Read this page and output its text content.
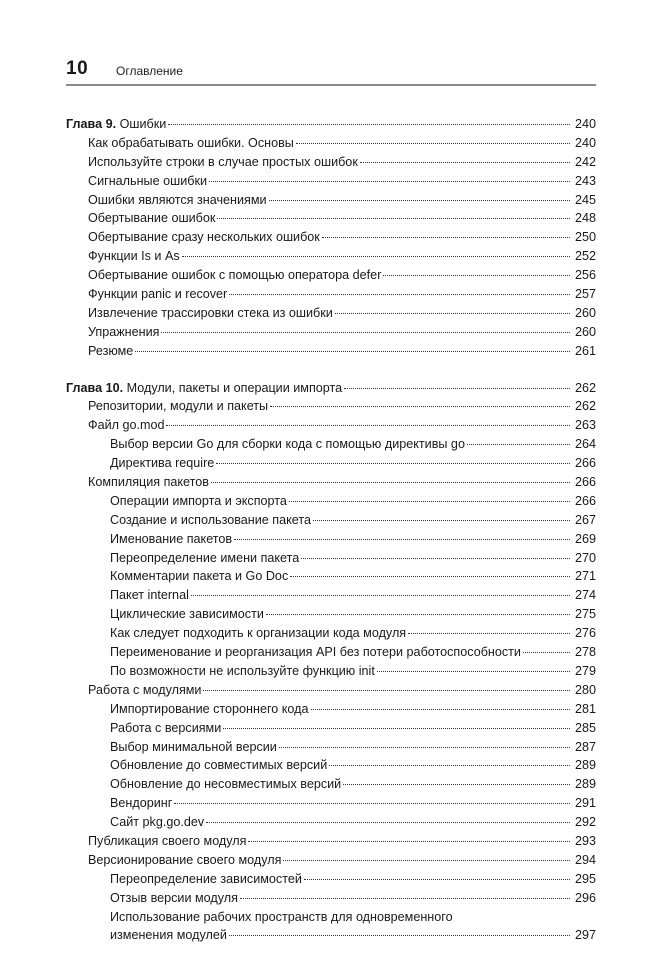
10 Оглавление
Глава 9. Ошибки	240
Как обрабатывать ошибки. Основы	240
Используйте строки в случае простых ошибок	242
Сигнальные ошибки	243
Ошибки являются значениями	245
Обертывание ошибок	248
Обертывание сразу нескольких ошибок	250
Функции Is и As	252
Обертывание ошибок с помощью оператора defer	256
Функции panic и recover	257
Извлечение трассировки стека из ошибки	260
Упражнения	260
Резюме	261
Глава 10. Модули, пакеты и операции импорта	262
Репозитории, модули и пакеты	262
Файл go.mod	263
Выбор версии Go для сборки кода с помощью директивы go	264
Директива require	266
Компиляция пакетов	266
Операции импорта и экспорта	266
Создание и использование пакета	267
Именование пакетов	269
Переопределение имени пакета	270
Комментарии пакета и Go Doc	271
Пакет internal	274
Циклические зависимости	275
Как следует подходить к организации кода модуля	276
Переименование и реорганизация API без потери работоспособности	278
По возможности не используйте функцию init	279
Работа с модулями	280
Импортирование стороннего кода	281
Работа с версиями	285
Выбор минимальной версии	287
Обновление до совместимых версий	289
Обновление до несовместимых версий	289
Вендоринг	291
Сайт pkg.go.dev	292
Публикация своего модуля	293
Версионирование своего модуля	294
Переопределение зависимостей	295
Отзыв версии модуля	296
Использование рабочих пространств для одновременного
изменения модулей	297
